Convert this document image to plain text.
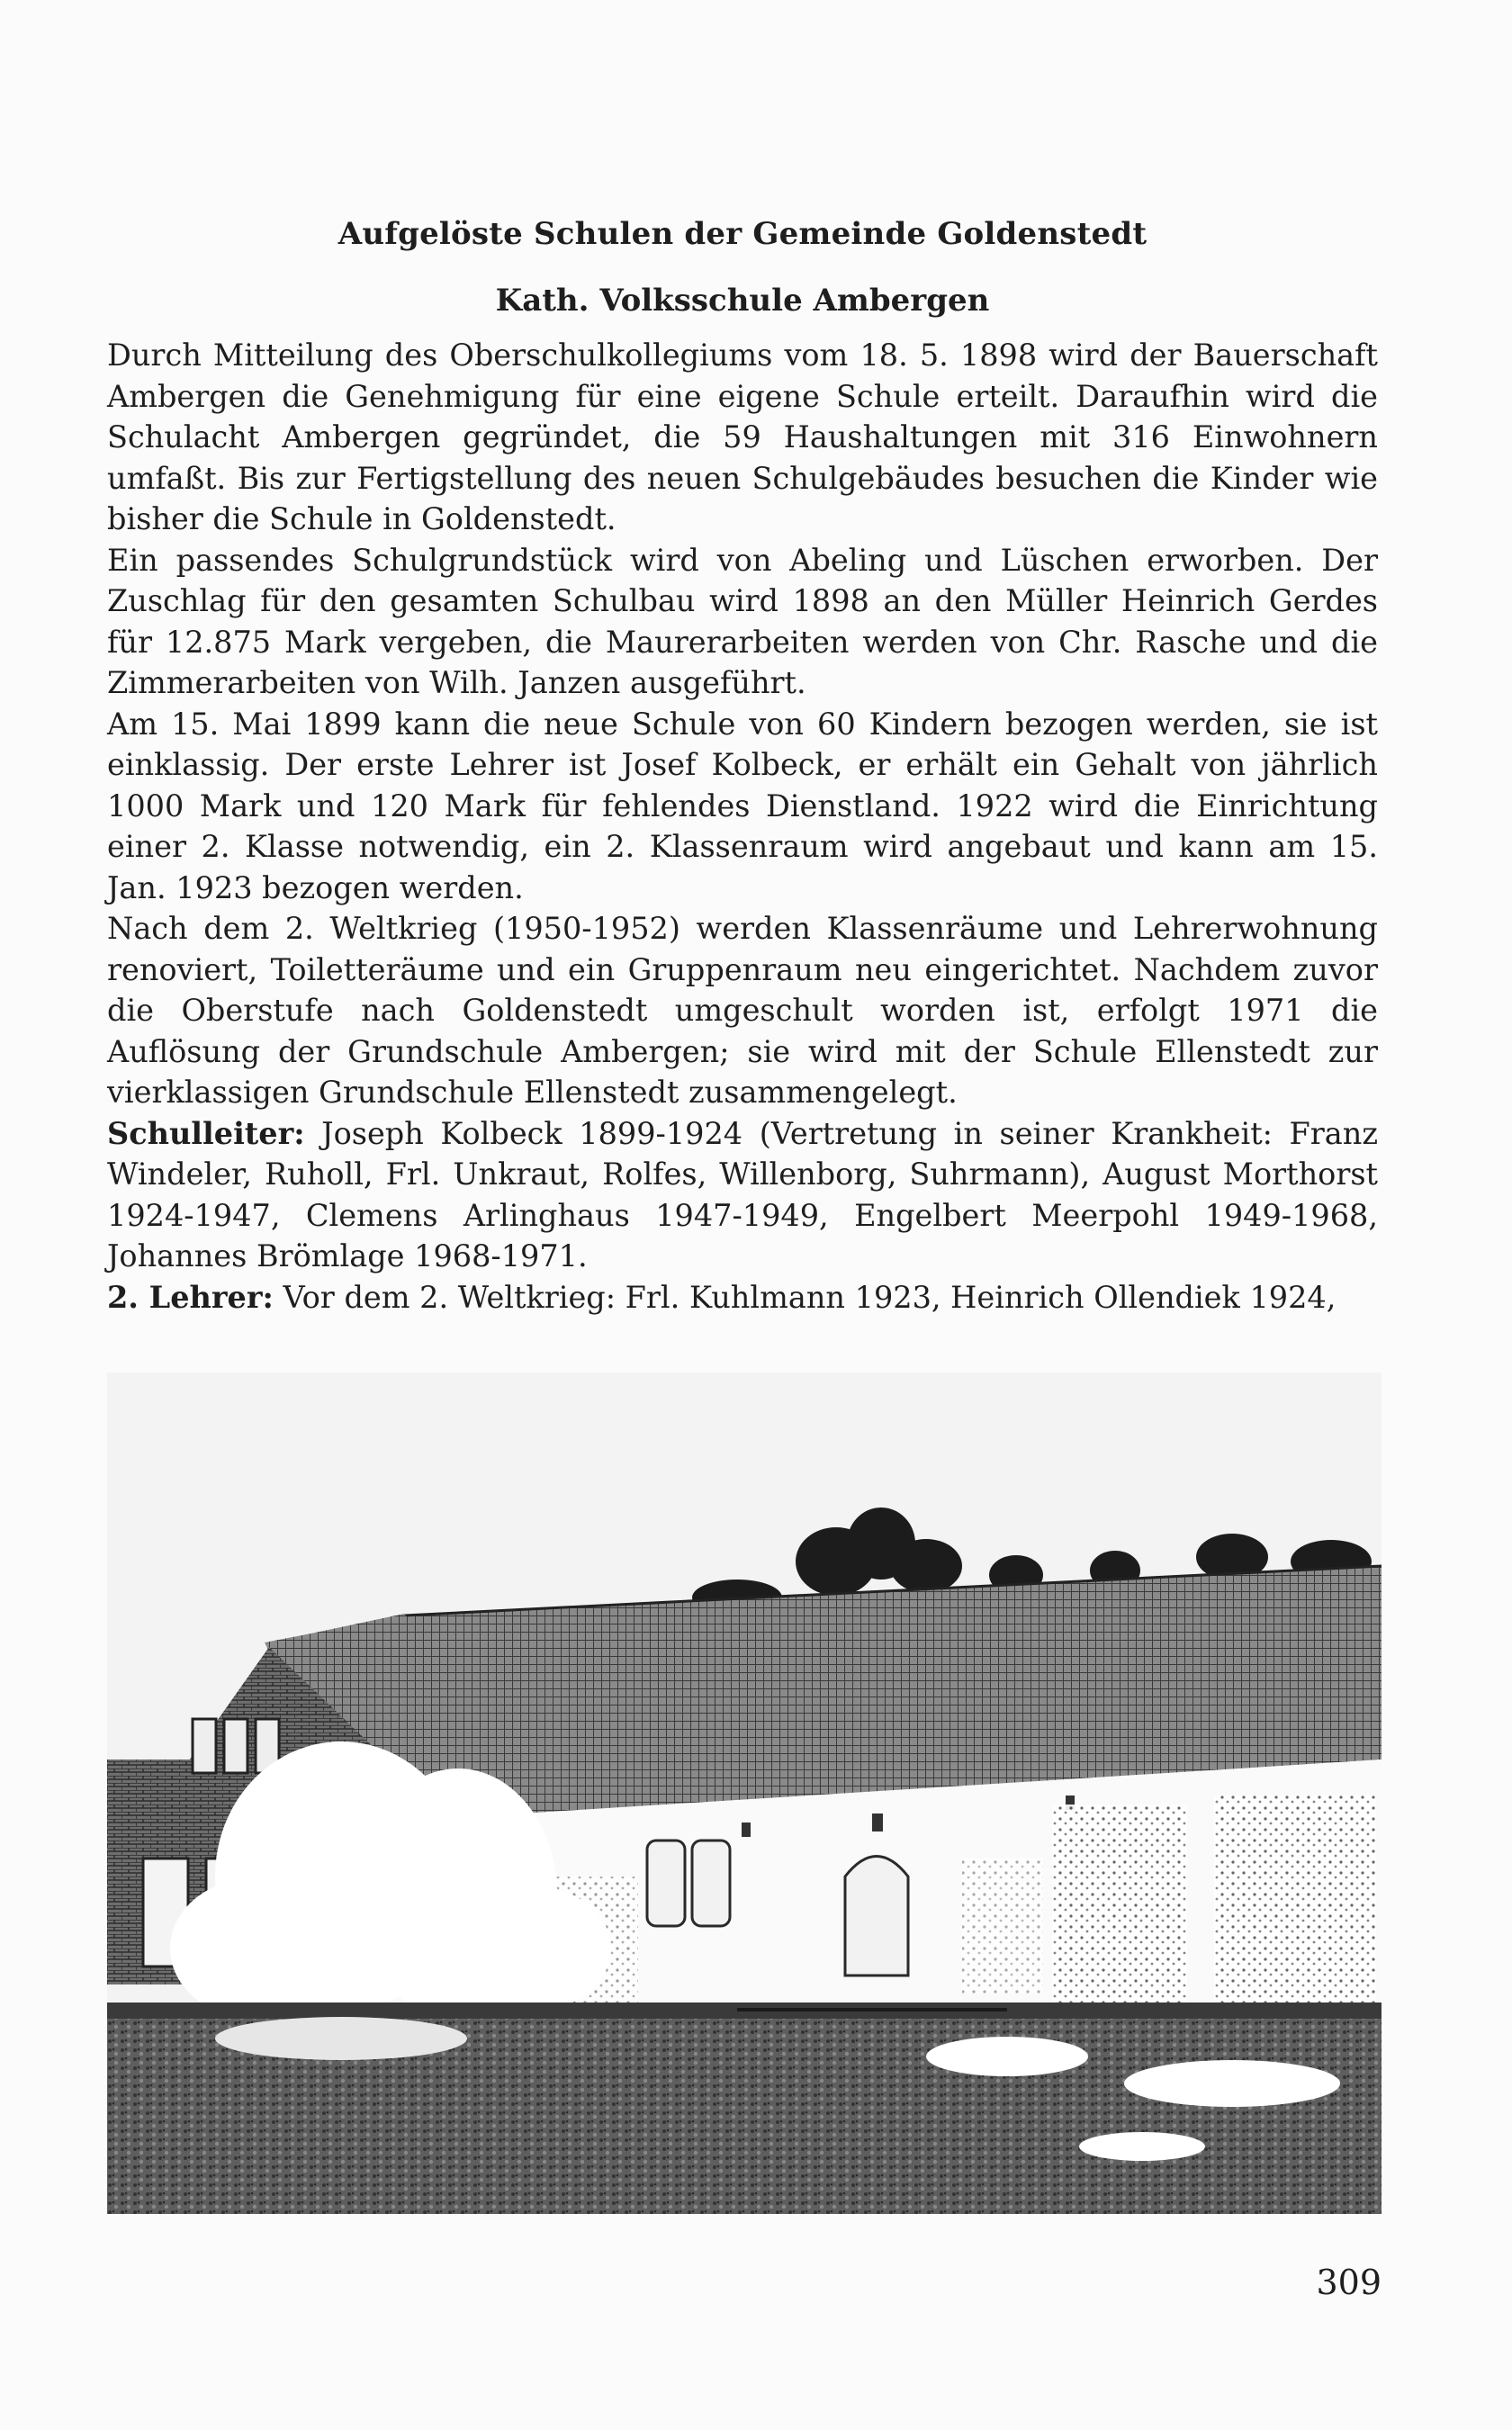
Aufgelöste Schulen der Gemeinde Goldenstedt
Kath. Volksschule Ambergen

Durch Mitteilung des Oberschulkollegiums vom 18. 5. 1898 wird der Bauerschaft Ambergen die Genehmigung für eine eigene Schule erteilt. Daraufhin wird die Schulacht Ambergen gegründet, die 59 Haushaltungen mit 316 Einwohnern umfaßt. Bis zur Fertigstellung des neuen Schulgebäudes besuchen die Kinder wie bisher die Schule in Goldenstedt.

Ein passendes Schulgrundstück wird von Abeling und Lüschen erworben. Der Zuschlag für den gesamten Schulbau wird 1898 an den Müller Heinrich Gerdes für 12.875 Mark vergeben, die Maurerarbeiten werden von Chr. Rasche und die Zimmerarbeiten von Wilh. Janzen ausgeführt.

Am 15. Mai 1899 kann die neue Schule von 60 Kindern bezogen werden, sie ist einklassig. Der erste Lehrer ist Josef Kolbeck, er erhält ein Gehalt von jährlich 1000 Mark und 120 Mark für fehlendes Dienstland. 1922 wird die Einrichtung einer 2. Klasse notwendig, ein 2. Klassenraum wird angebaut und kann am 15. Jan. 1923 bezogen werden.

Nach dem 2. Weltkrieg (1950-1952) werden Klassenräume und Lehrerwohnung renoviert, Toiletteräume und ein Gruppenraum neu eingerichtet. Nachdem zuvor die Oberstufe nach Goldenstedt umgeschult worden ist, erfolgt 1971 die Auflösung der Grundschule Ambergen; sie wird mit der Schule Ellenstedt zur vierklassigen Grundschule Ellenstedt zusammengelegt.

Schulleiter: Joseph Kolbeck 1899-1924 (Vertretung in seiner Krankheit: Franz Windeler, Ruholl, Frl. Unkraut, Rolfes, Willenborg, Suhrmann), August Morthorst 1924-1947, Clemens Arlinghaus 1947-1949, Engelbert Meerpohl 1949-1968, Johannes Brömlage 1968-1971.

2. Lehrer: Vor dem 2. Weltkrieg: Frl. Kuhlmann 1923, Heinrich Ollendiek 1924,

309
